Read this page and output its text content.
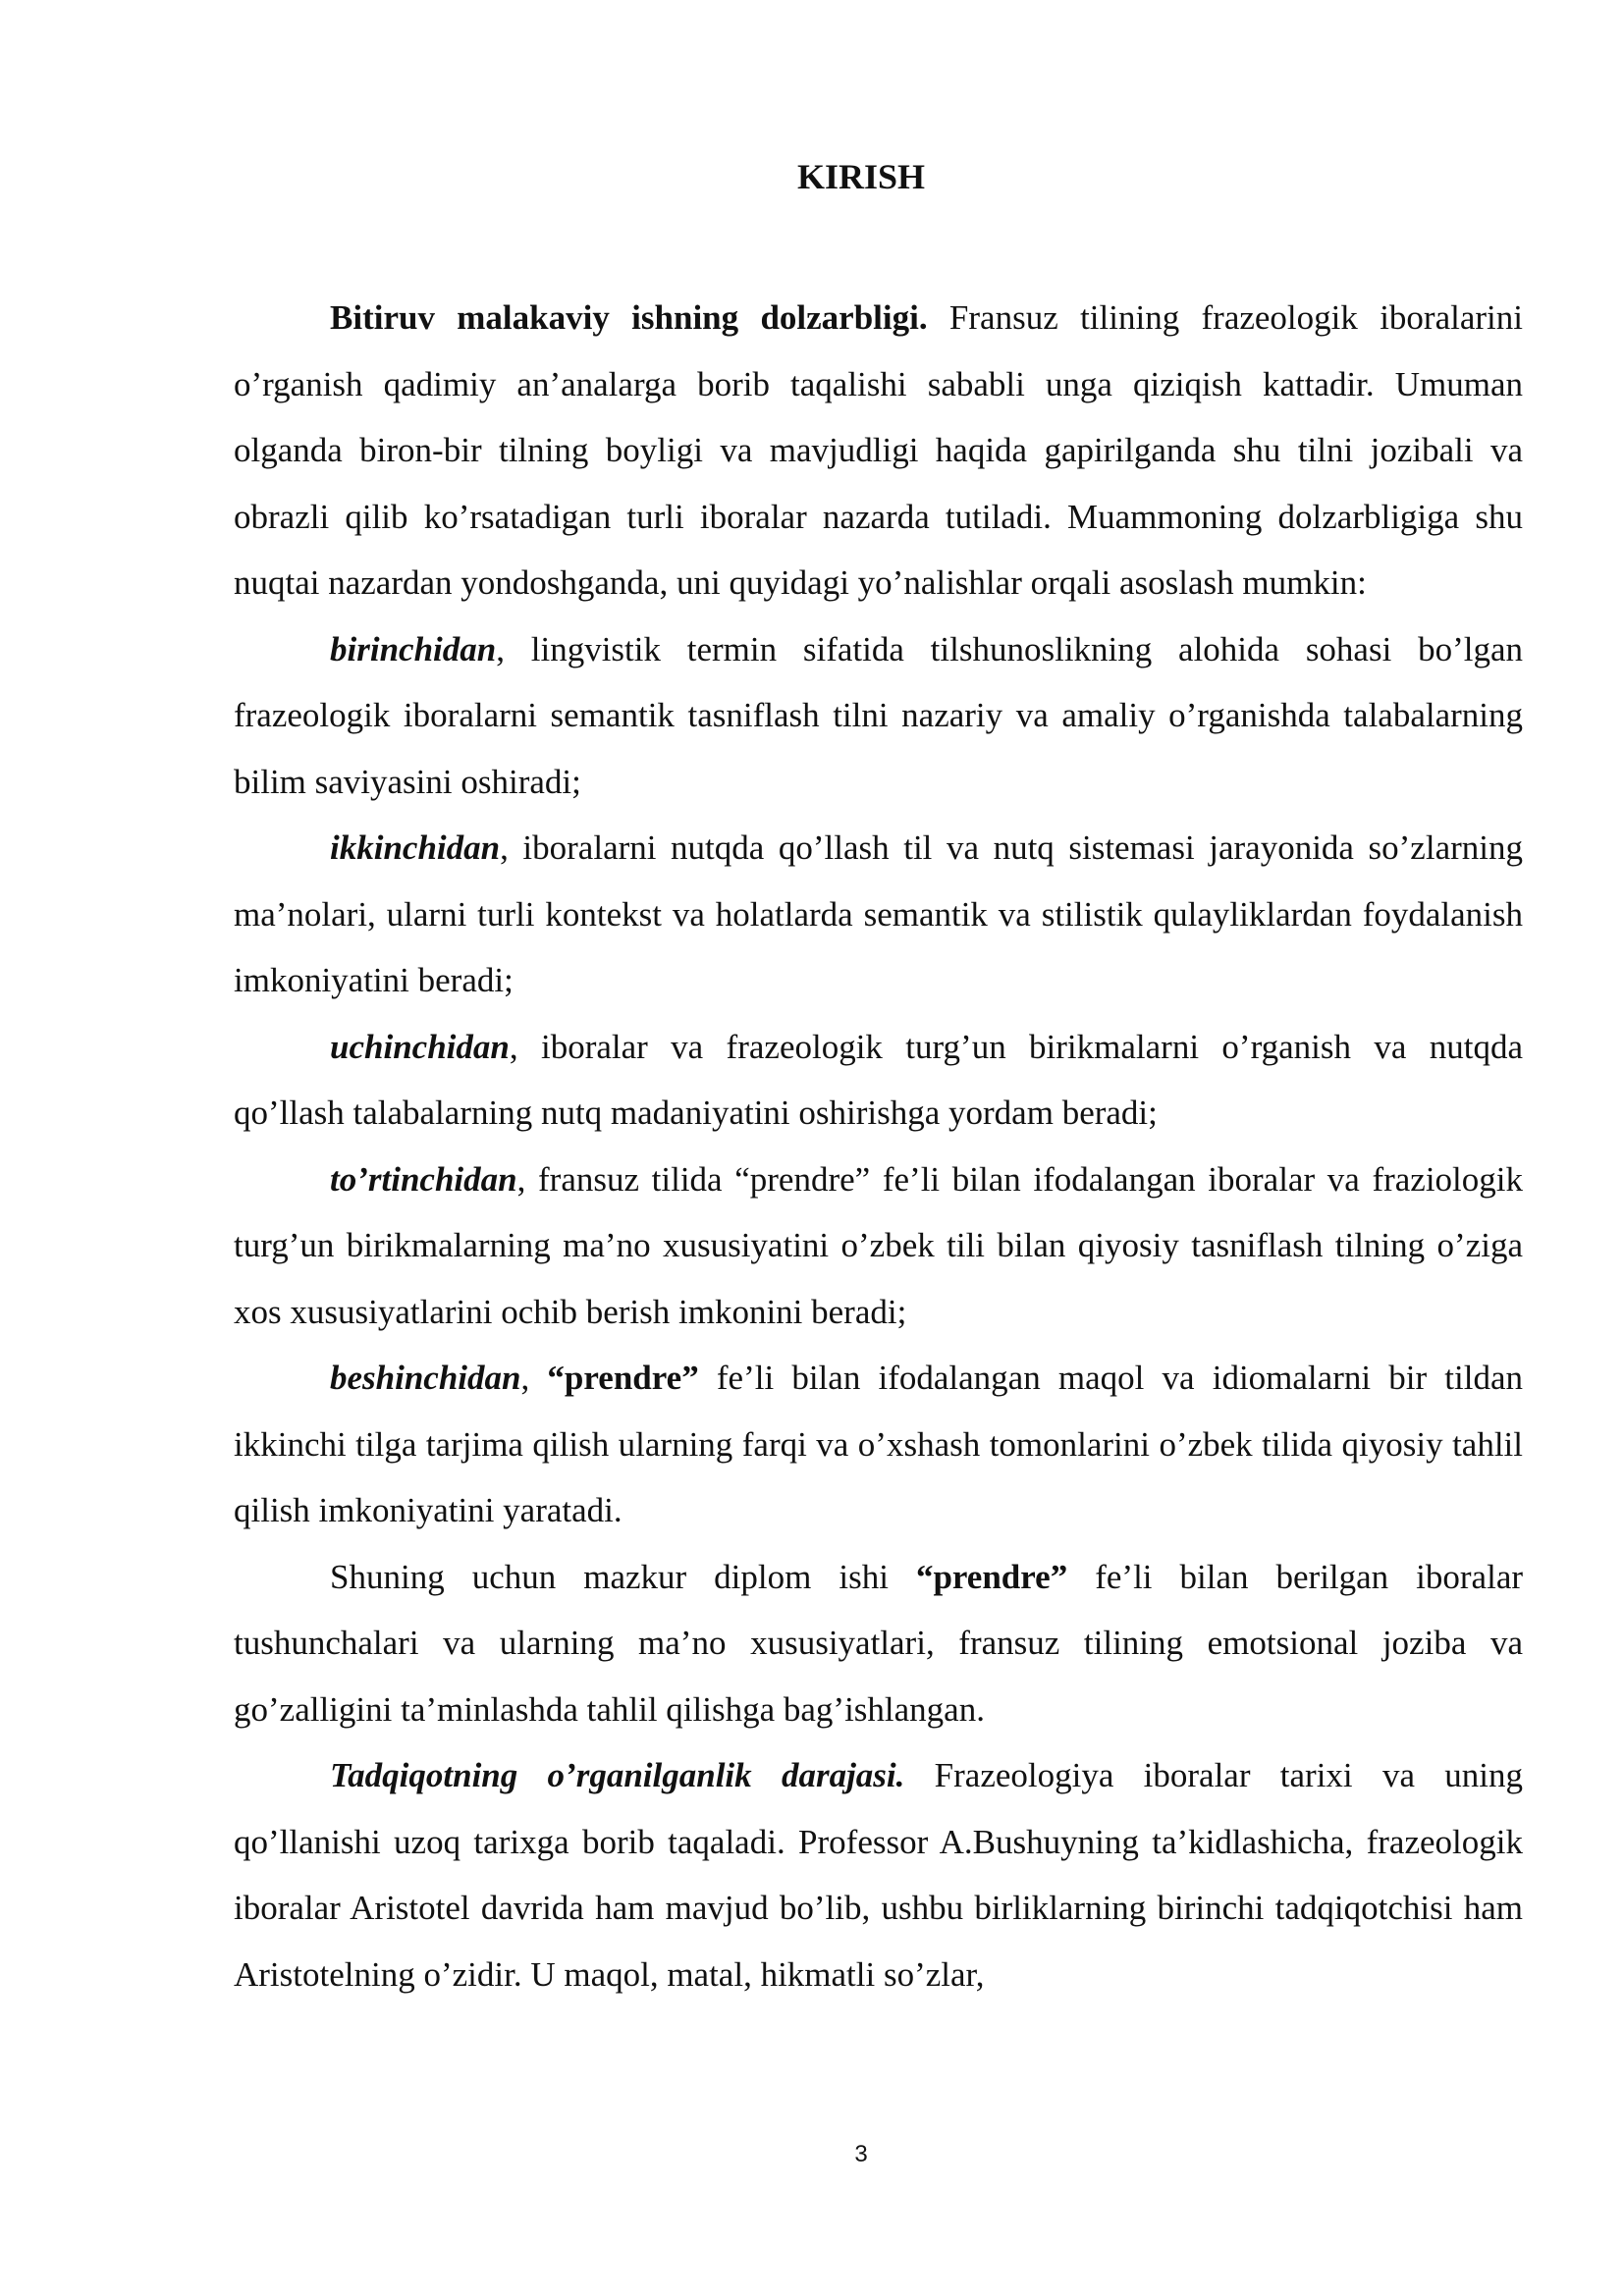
KIRISH

Bitiruv malakaviy ishning dolzarbligi. Fransuz tilining frazeologik iboralarini o’rganish qadimiy an’analarga borib taqalishi sababli unga qiziqish kattadir. Umuman olganda biron-bir tilning boyligi va mavjudligi haqida gapirilganda shu tilni jozibali va obrazli qilib ko’rsatadigan turli iboralar nazarda tutiladi. Muammoning dolzarbligiga shu nuqtai nazardan yondoshganda, uni quyidagi yo’nalishlar orqali asoslash mumkin:

birinchidan, lingvistik termin sifatida tilshunoslikning alohida sohasi bo’lgan frazeologik iboralarni semantik tasniflash tilni nazariy va amaliy o’rganishda talabalarning bilim saviyasini oshiradi;

ikkinchidan, iboralarni nutqda qo’llash til va nutq sistemasi jarayonida so’zlarning ma’nolari, ularni turli kontekst va holatlarda semantik va stilistik qulayliklardan foydalanish imkoniyatini beradi;

uchinchidan, iboralar va frazeologik turg’un birikmalarni o’rganish va nutqda qo’llash talabalarning nutq madaniyatini oshirishga yordam beradi;

to’rtinchidan, fransuz tilida “prendre” fe’li bilan ifodalangan iboralar va fraziologik turg’un birikmalarning ma’no xususiyatini o’zbek tili bilan qiyosiy tasniflash tilning o’ziga xos xususiyatlarini ochib berish imkonini beradi;

beshinchidan, “prendre” fe’li bilan ifodalangan maqol va idiomalarni bir tildan ikkinchi tilga tarjima qilish ularning farqi va o’xshash tomonlarini o’zbek tilida qiyosiy tahlil qilish imkoniyatini yaratadi.

Shuning uchun mazkur diplom ishi “prendre” fe’li bilan berilgan iboralar tushunchalari va ularning ma’no xususiyatlari, fransuz tilining emotsional joziba va go’zalligini ta’minlashda tahlil qilishga bag’ishlangan.

Tadqiqotning o’rganilganlik darajasi. Frazeologiya iboralar tarixi va uning qo’llanishi uzoq tarixga borib taqaladi. Professor A.Bushuyning ta’kidlashicha, frazeologik iboralar Aristotel davrida ham mavjud bo’lib, ushbu birliklarning birinchi tadqiqotchisi ham Aristotelning o’zidir. U maqol, matal, hikmatli so’zlar,

3
